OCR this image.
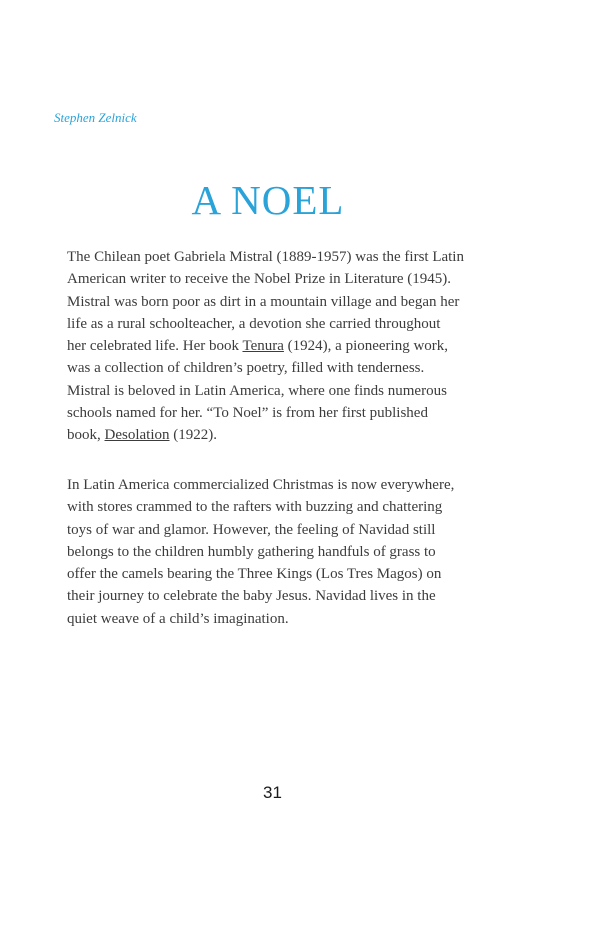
Stephen Zelnick
A NOEL

The Chilean poet Gabriela Mistral (1889-1957) was the first Latin
American writer to receive the Nobel Prize in Literature (1945).
Mistral was born poor as dirt in a mountain village and began her
life as a rural schoolteacher, a devotion she carried throughout
her celebrated life. Her book Tenura (1924), a pioneering work,
was a collection of children’s poetry, filled with tenderness.
Mistral is beloved in Latin America, where one finds numerous
schools named for her. “To Noel” is from her first published
book, Desolation (1922).

In Latin America commercialized Christmas is now everywhere,
with stores crammed to the rafters with buzzing and chattering
toys of war and glamor. However, the feeling of Navidad still
belongs to the children humbly gathering handfuls of grass to
offer the camels bearing the Three Kings (Los Tres Magos) on
their journey to celebrate the baby Jesus. Navidad lives in the
quiet weave of a child’s imagination.

31
